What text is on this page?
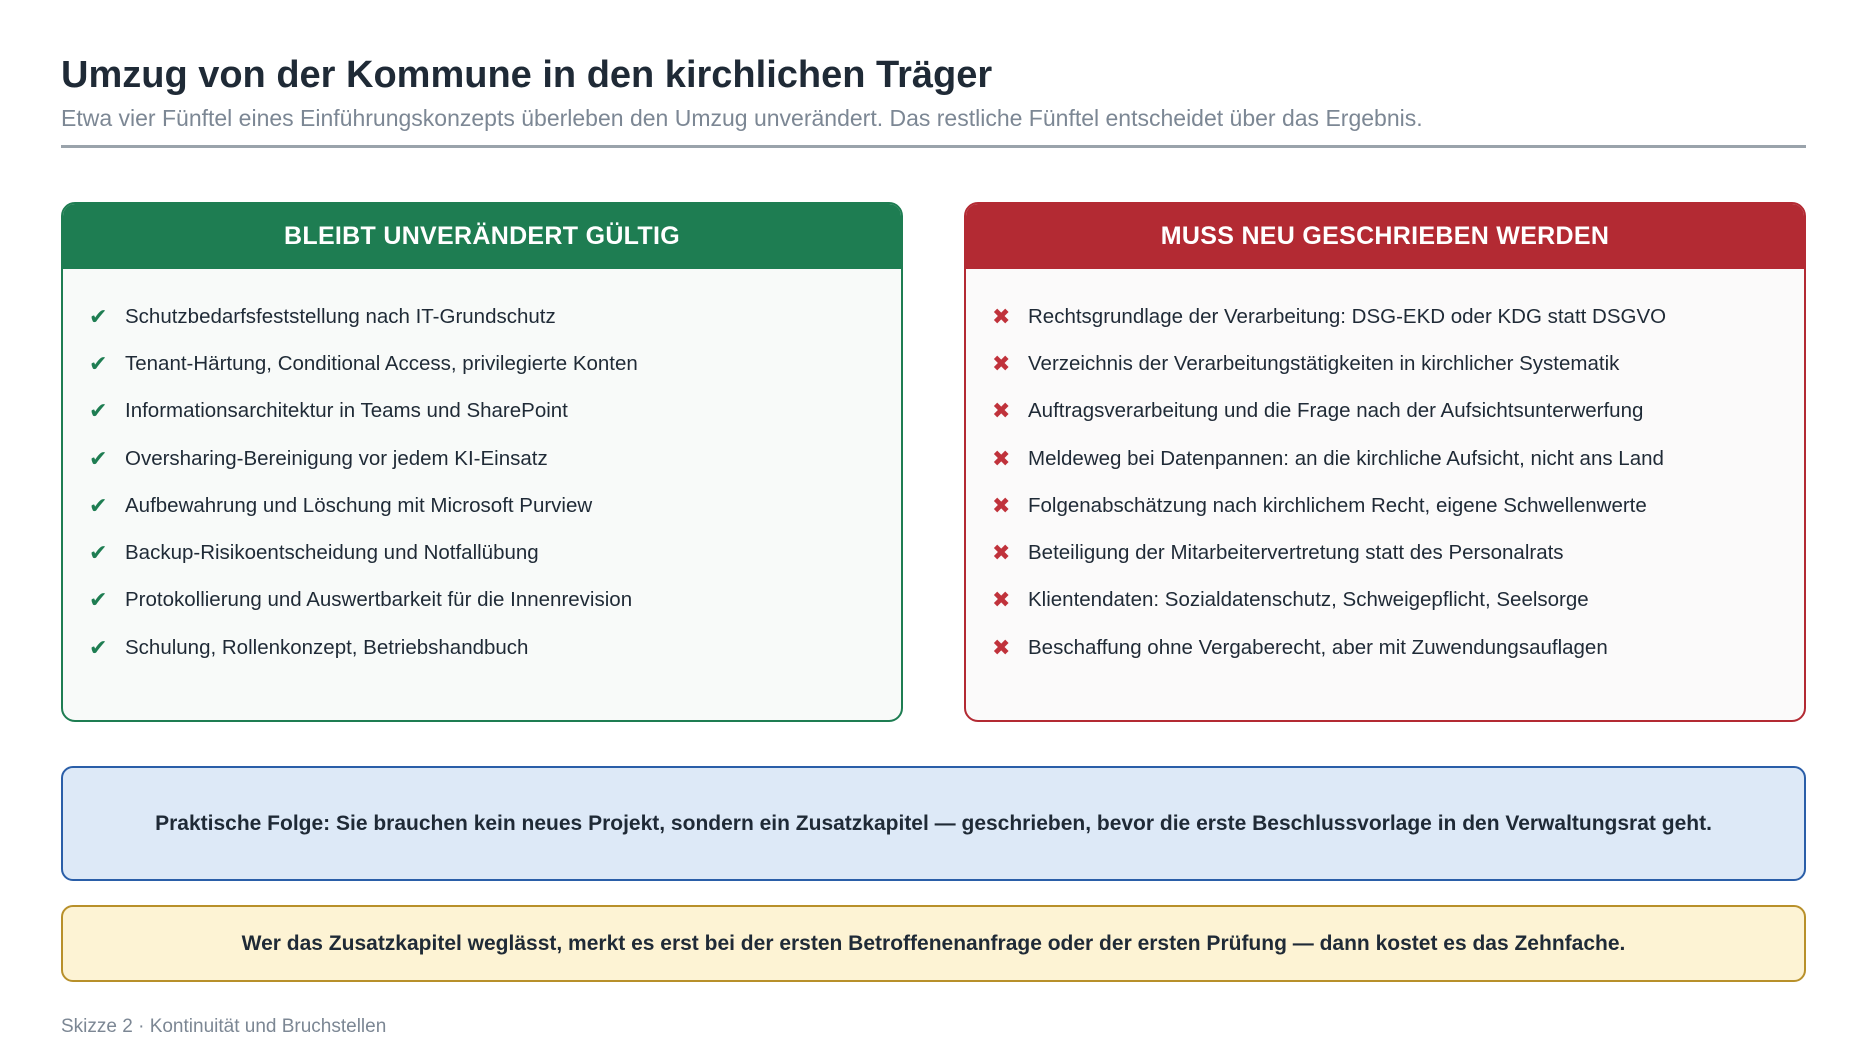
Umzug von der Kommune in den kirchlichen Träger
Etwa vier Fünftel eines Einführungskonzepts überleben den Umzug unverändert. Das restliche Fünftel entscheidet über das Ergebnis.
BLEIBT UNVERÄNDERT GÜLTIG
✔ Schutzbedarfsfeststellung nach IT-Grundschutz
✔ Tenant-Härtung, Conditional Access, privilegierte Konten
✔ Informationsarchitektur in Teams und SharePoint
✔ Oversharing-Bereinigung vor jedem KI-Einsatz
✔ Aufbewahrung und Löschung mit Microsoft Purview
✔ Backup-Risikoentscheidung und Notfallübung
✔ Protokollierung und Auswertbarkeit für die Innenrevision
✔ Schulung, Rollenkonzept, Betriebshandbuch
MUSS NEU GESCHRIEBEN WERDEN
✖ Rechtsgrundlage der Verarbeitung: DSG-EKD oder KDG statt DSGVO
✖ Verzeichnis der Verarbeitungstätigkeiten in kirchlicher Systematik
✖ Auftragsverarbeitung und die Frage nach der Aufsichtsunterwerfung
✖ Meldeweg bei Datenpannen: an die kirchliche Aufsicht, nicht ans Land
✖ Folgenabschätzung nach kirchlichem Recht, eigene Schwellenwerte
✖ Beteiligung der Mitarbeitervertretung statt des Personalrats
✖ Klientendaten: Sozialdatenschutz, Schweigepflicht, Seelsorge
✖ Beschaffung ohne Vergaberecht, aber mit Zuwendungsauflagen
Praktische Folge: Sie brauchen kein neues Projekt, sondern ein Zusatzkapitel — geschrieben, bevor die erste Beschlussvorlage in den Verwaltungsrat geht.
Wer das Zusatzkapitel weglässt, merkt es erst bei der ersten Betroffenenanfrage oder der ersten Prüfung — dann kostet es das Zehnfache.
Skizze 2 · Kontinuität und Bruchstellen
